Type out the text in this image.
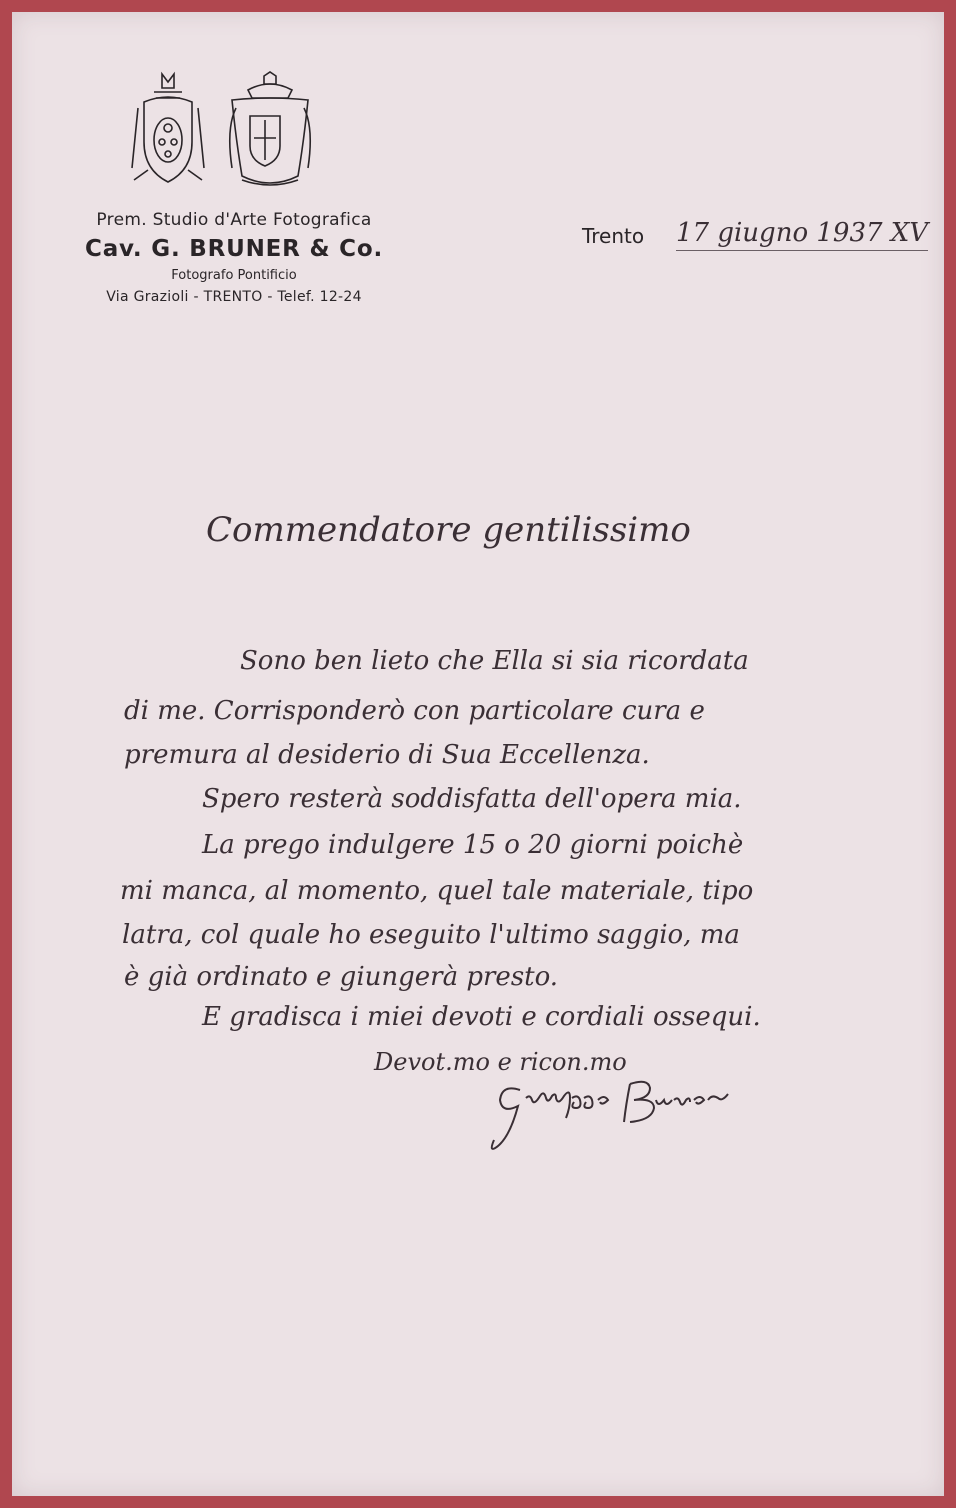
Prem. Studio d'Arte Fotografica
Cav. G. BRUNER & Co.
Fotografo Pontificio
Via Grazioli - TRENTO - Telef. 12-24
Trento 17 giugno 1937 XV
Commendatore gentilissimo
Sono ben lieto che Ella si sia ricordata
di me. Corrisponderò con particolare cura e
premura al desiderio di Sua Eccellenza.
Spero resterà soddisfatta dell'opera mia.
La prego indulgere 15 o 20 giorni poichè
mi manca, al momento, quel tale materiale, tipo
latra, col quale ho eseguito l'ultimo saggio, ma
è già ordinato e giungerà presto.
E gradisca i miei devoti e cordiali ossequi.
Devot.mo e ricon.mo
